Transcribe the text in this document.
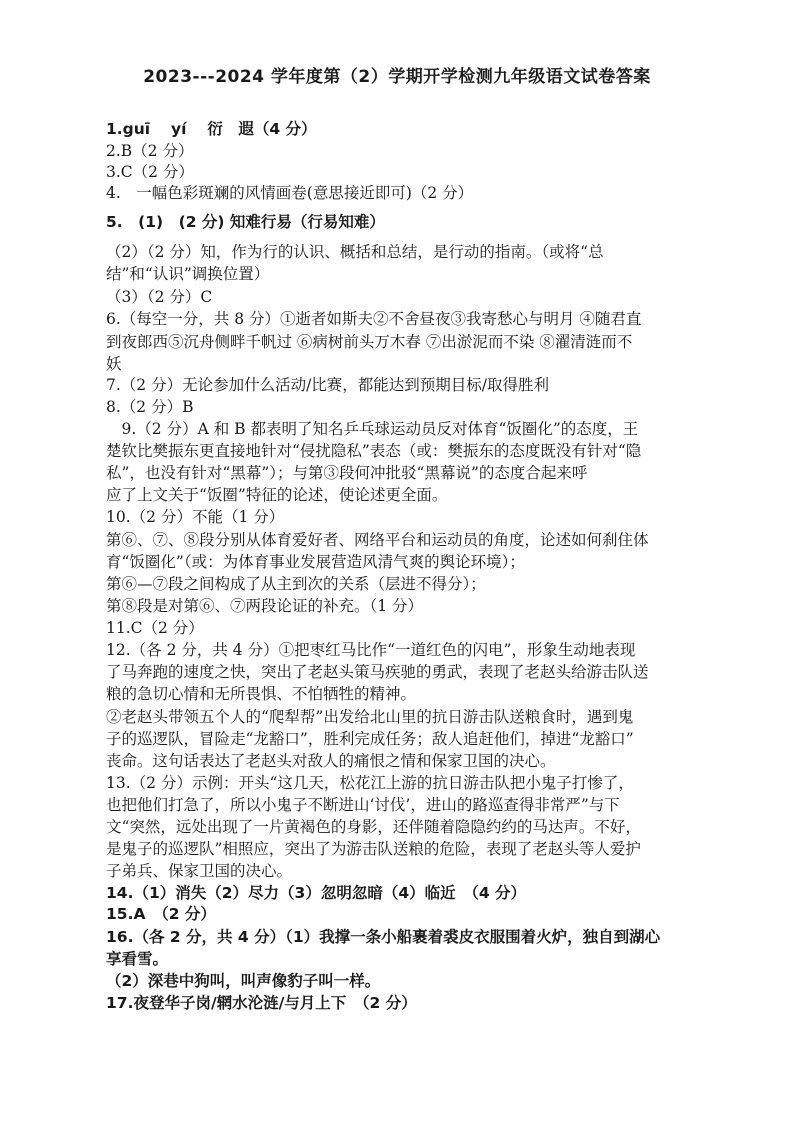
2023---2024 学年度第（2）学期开学检测九年级语文试卷答案
1.guī　 yí　 衍　遐（4 分）
2.B（2 分）
3.C（2 分）
4.　一幅色彩斑斓的风情画卷(意思接近即可)（2 分）
5.　(1)　(2 分) 知难行易（行易知难）
（2）（2 分）知，作为行的认识、概括和总结，是行动的指南。（或将“总
结”和“认识”调换位置）
（3）（2 分）C
6.（每空一分，共 8 分）①逝者如斯夫②不舍昼夜③我寄愁心与明月 ④随君直
到夜郎西⑤沉舟侧畔千帆过 ⑥病树前头万木春 ⑦出淤泥而不染 ⑧濯清涟而不
妖
7.（2 分）无论参加什么活动/比赛，都能达到预期目标/取得胜利
8.（2 分）B
　9.（2 分）A 和 B 都表明了知名乒乓球运动员反对体育“饭圈化”的态度，王
楚钦比樊振东更直接地针对“侵扰隐私”表态（或：樊振东的态度既没有针对“隐
私”，也没有针对“黑幕”）；与第③段何冲批驳“黑幕说”的态度合起来呼
应了上文关于“饭圈”特征的论述，使论述更全面。
10.（2 分）不能（1 分）
第⑥、⑦、⑧段分别从体育爱好者、网络平台和运动员的角度，论述如何刹住体
育“饭圈化”（或：为体育事业发展营造风清气爽的舆论环境）；
第⑥—⑦段之间构成了从主到次的关系（层进不得分）；
第⑧段是对第⑥、⑦两段论证的补充。（1 分）
11.C（2 分）
12.（各 2 分，共 4 分）①把枣红马比作“一道红色的闪电”，形象生动地表现
了马奔跑的速度之快，突出了老赵头策马疾驰的勇武，表现了老赵头给游击队送
粮的急切心情和无所畏惧、不怕牺牲的精神。
②老赵头带领五个人的“爬犁帮”出发给北山里的抗日游击队送粮食时，遇到鬼
子的巡逻队，冒险走“龙豁口”，胜利完成任务；敌人追赶他们，掉进“龙豁口”
丧命。这句话表达了老赵头对敌人的痛恨之情和保家卫国的决心。
13.（2 分）示例：开头“这几天，松花江上游的抗日游击队把小鬼子打惨了，
也把他们打急了，所以小鬼子不断进山‘讨伐’，进山的路巡查得非常严”与下
文“突然，远处出现了一片黄褐色的身影，还伴随着隐隐约约的马达声。不好，
是鬼子的巡逻队”相照应，突出了为游击队送粮的危险，表现了老赵头等人爱护
子弟兵、保家卫国的决心。
14.（1）消失（2）尽力（3）忽明忽暗（4）临近　（4 分）
15.A　（2 分）
16.（各 2 分，共 4 分）（1）我撑一条小船裹着裘皮衣服围着火炉，独自到湖心
享看雪。
（2）深巷中狗叫，叫声像豹子叫一样。
17.夜登华子岗/辋水沦涟/与月上下　（2 分）
